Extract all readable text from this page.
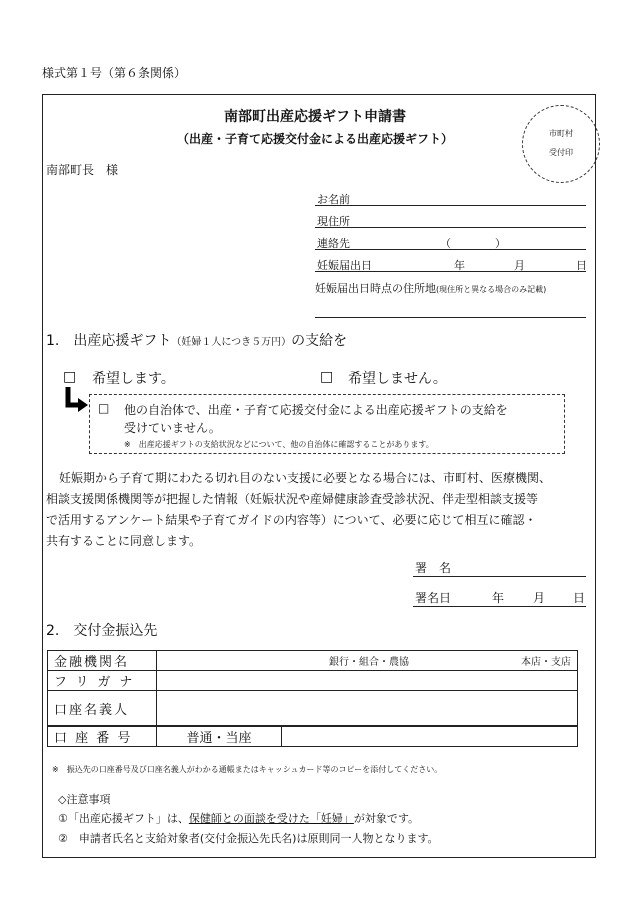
様式第１号（第６条関係）
南部町出産応援ギフト申請書
（出産・子育て応援交付金による出産応援ギフト）	市町村
受付印
南部町長　様
お名前
現住所
連絡先	（　　　　）
妊娠届出日	年	月	日
妊娠届出日時点の住所地(現住所と異なる場合のみ記載)
1.　出産応援ギフト（妊婦１人につき５万円）の支給を
□ 希望します。	□ 希望しません。
□ 他の自治体で、出産・子育て応援交付金による出産応援ギフトの支給を
受けていません。
※　出産応援ギフトの支給状況などについて、他の自治体に確認することがあります。
妊娠期から子育て期にわたる切れ目のない支援に必要となる場合には、市町村、医療機関、
相談支援関係機関等が把握した情報（妊娠状況や産婦健康診査受診状況、伴走型相談支援等
で活用するアンケート結果や子育てガイドの内容等）について、必要に応じて相互に確認・
共有することに同意します。
署　名
署名日	年 月 日
2.　交付金振込先
金融機関名	銀行・組合・農協 本店・支店	
フリガナ		
口座名義人		
口 座 番 号	普通・当座	
※　振込先の口座番号及び口座名義人がわかる通帳またはキャッシュカード等のコピーを添付してください。
◇注意事項
①「出産応援ギフト」は、保健師との面談を受けた「妊婦」が対象です。
②　申請者氏名と支給対象者(交付金振込先氏名)は原則同一人物となります。
